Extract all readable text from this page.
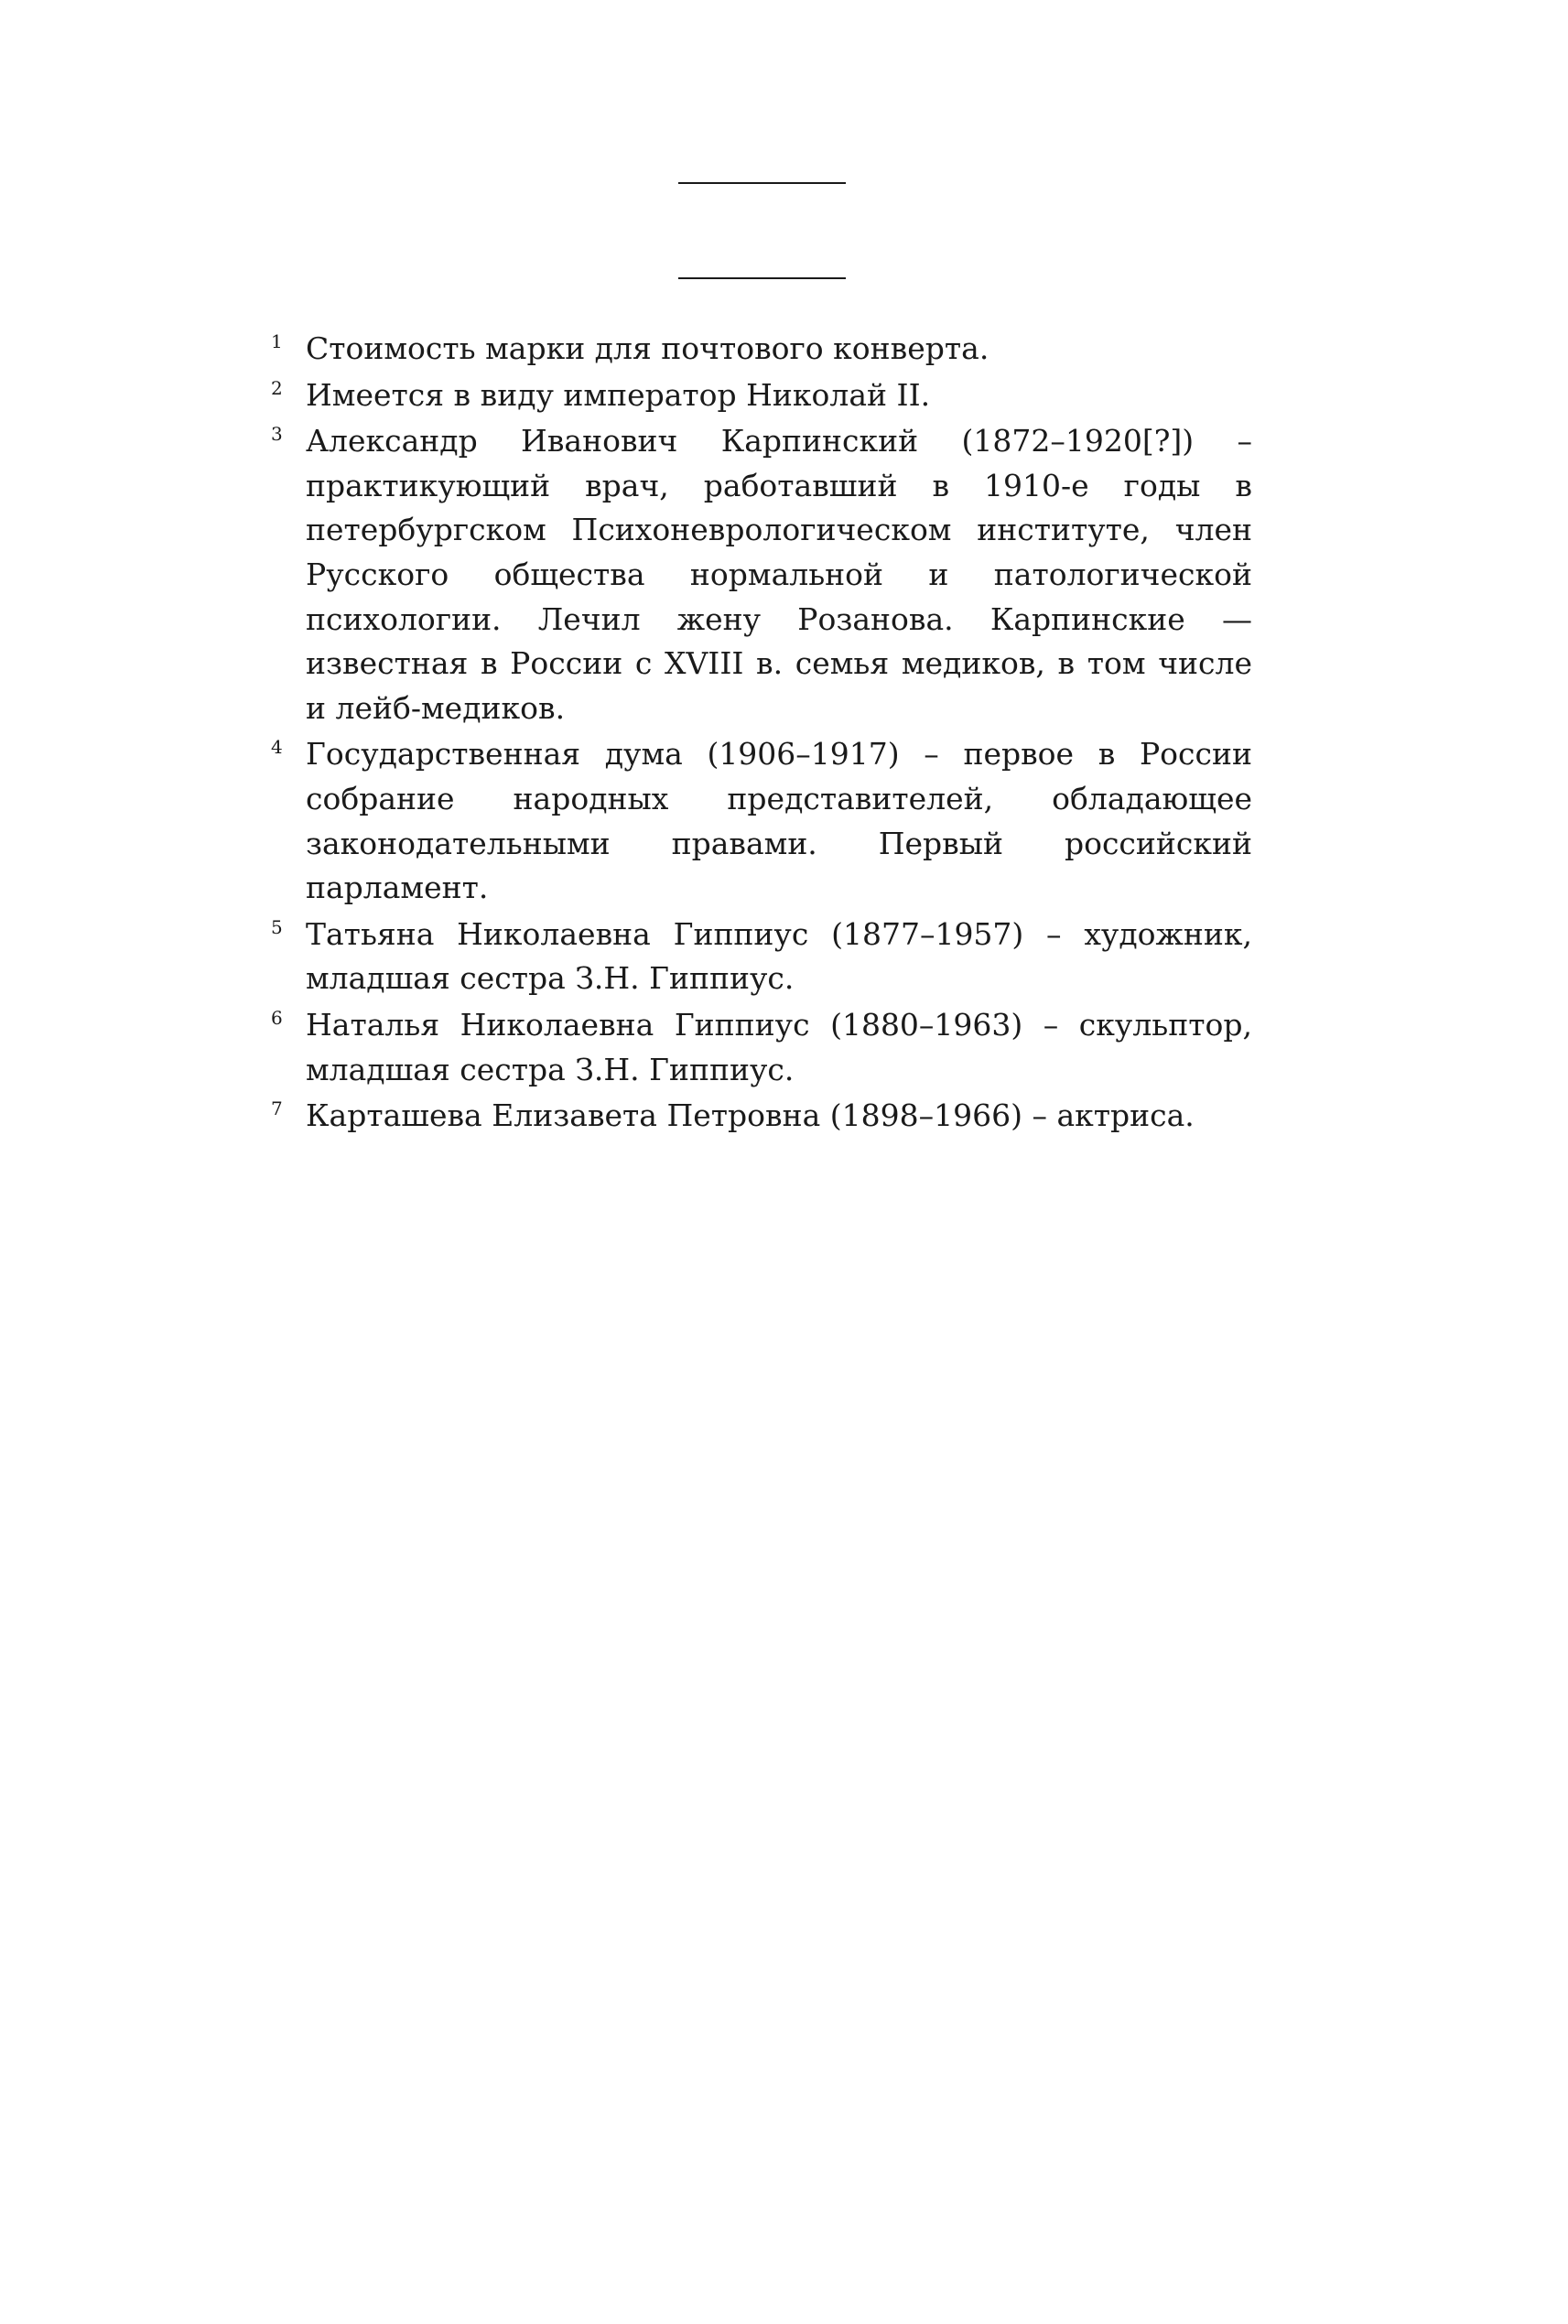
1 Стоимость марки для почтового конверта.
2 Имеется в виду император Николай II.
3 Александр Иванович Карпинский (1872–1920[?]) – практикующий врач, работавший в 1910-е годы в петербургском Психоневрологическом институте, член Русского общества нормальной и патологической психологии. Лечил жену Розанова. Карпинские — известная в России с XVIII в. семья медиков, в том числе и лейб-медиков.
4 Государственная дума (1906–1917) – первое в России собрание народных представителей, обладающее законодательными правами. Первый российский парламент.
5 Татьяна Николаевна Гиппиус (1877–1957) – художник, младшая сестра З.Н. Гиппиус.
6 Наталья Николаевна Гиппиус (1880–1963) – скульптор, младшая сестра З.Н. Гиппиус.
7 Карташева Елизавета Петровна (1898–1966) – актриса.
